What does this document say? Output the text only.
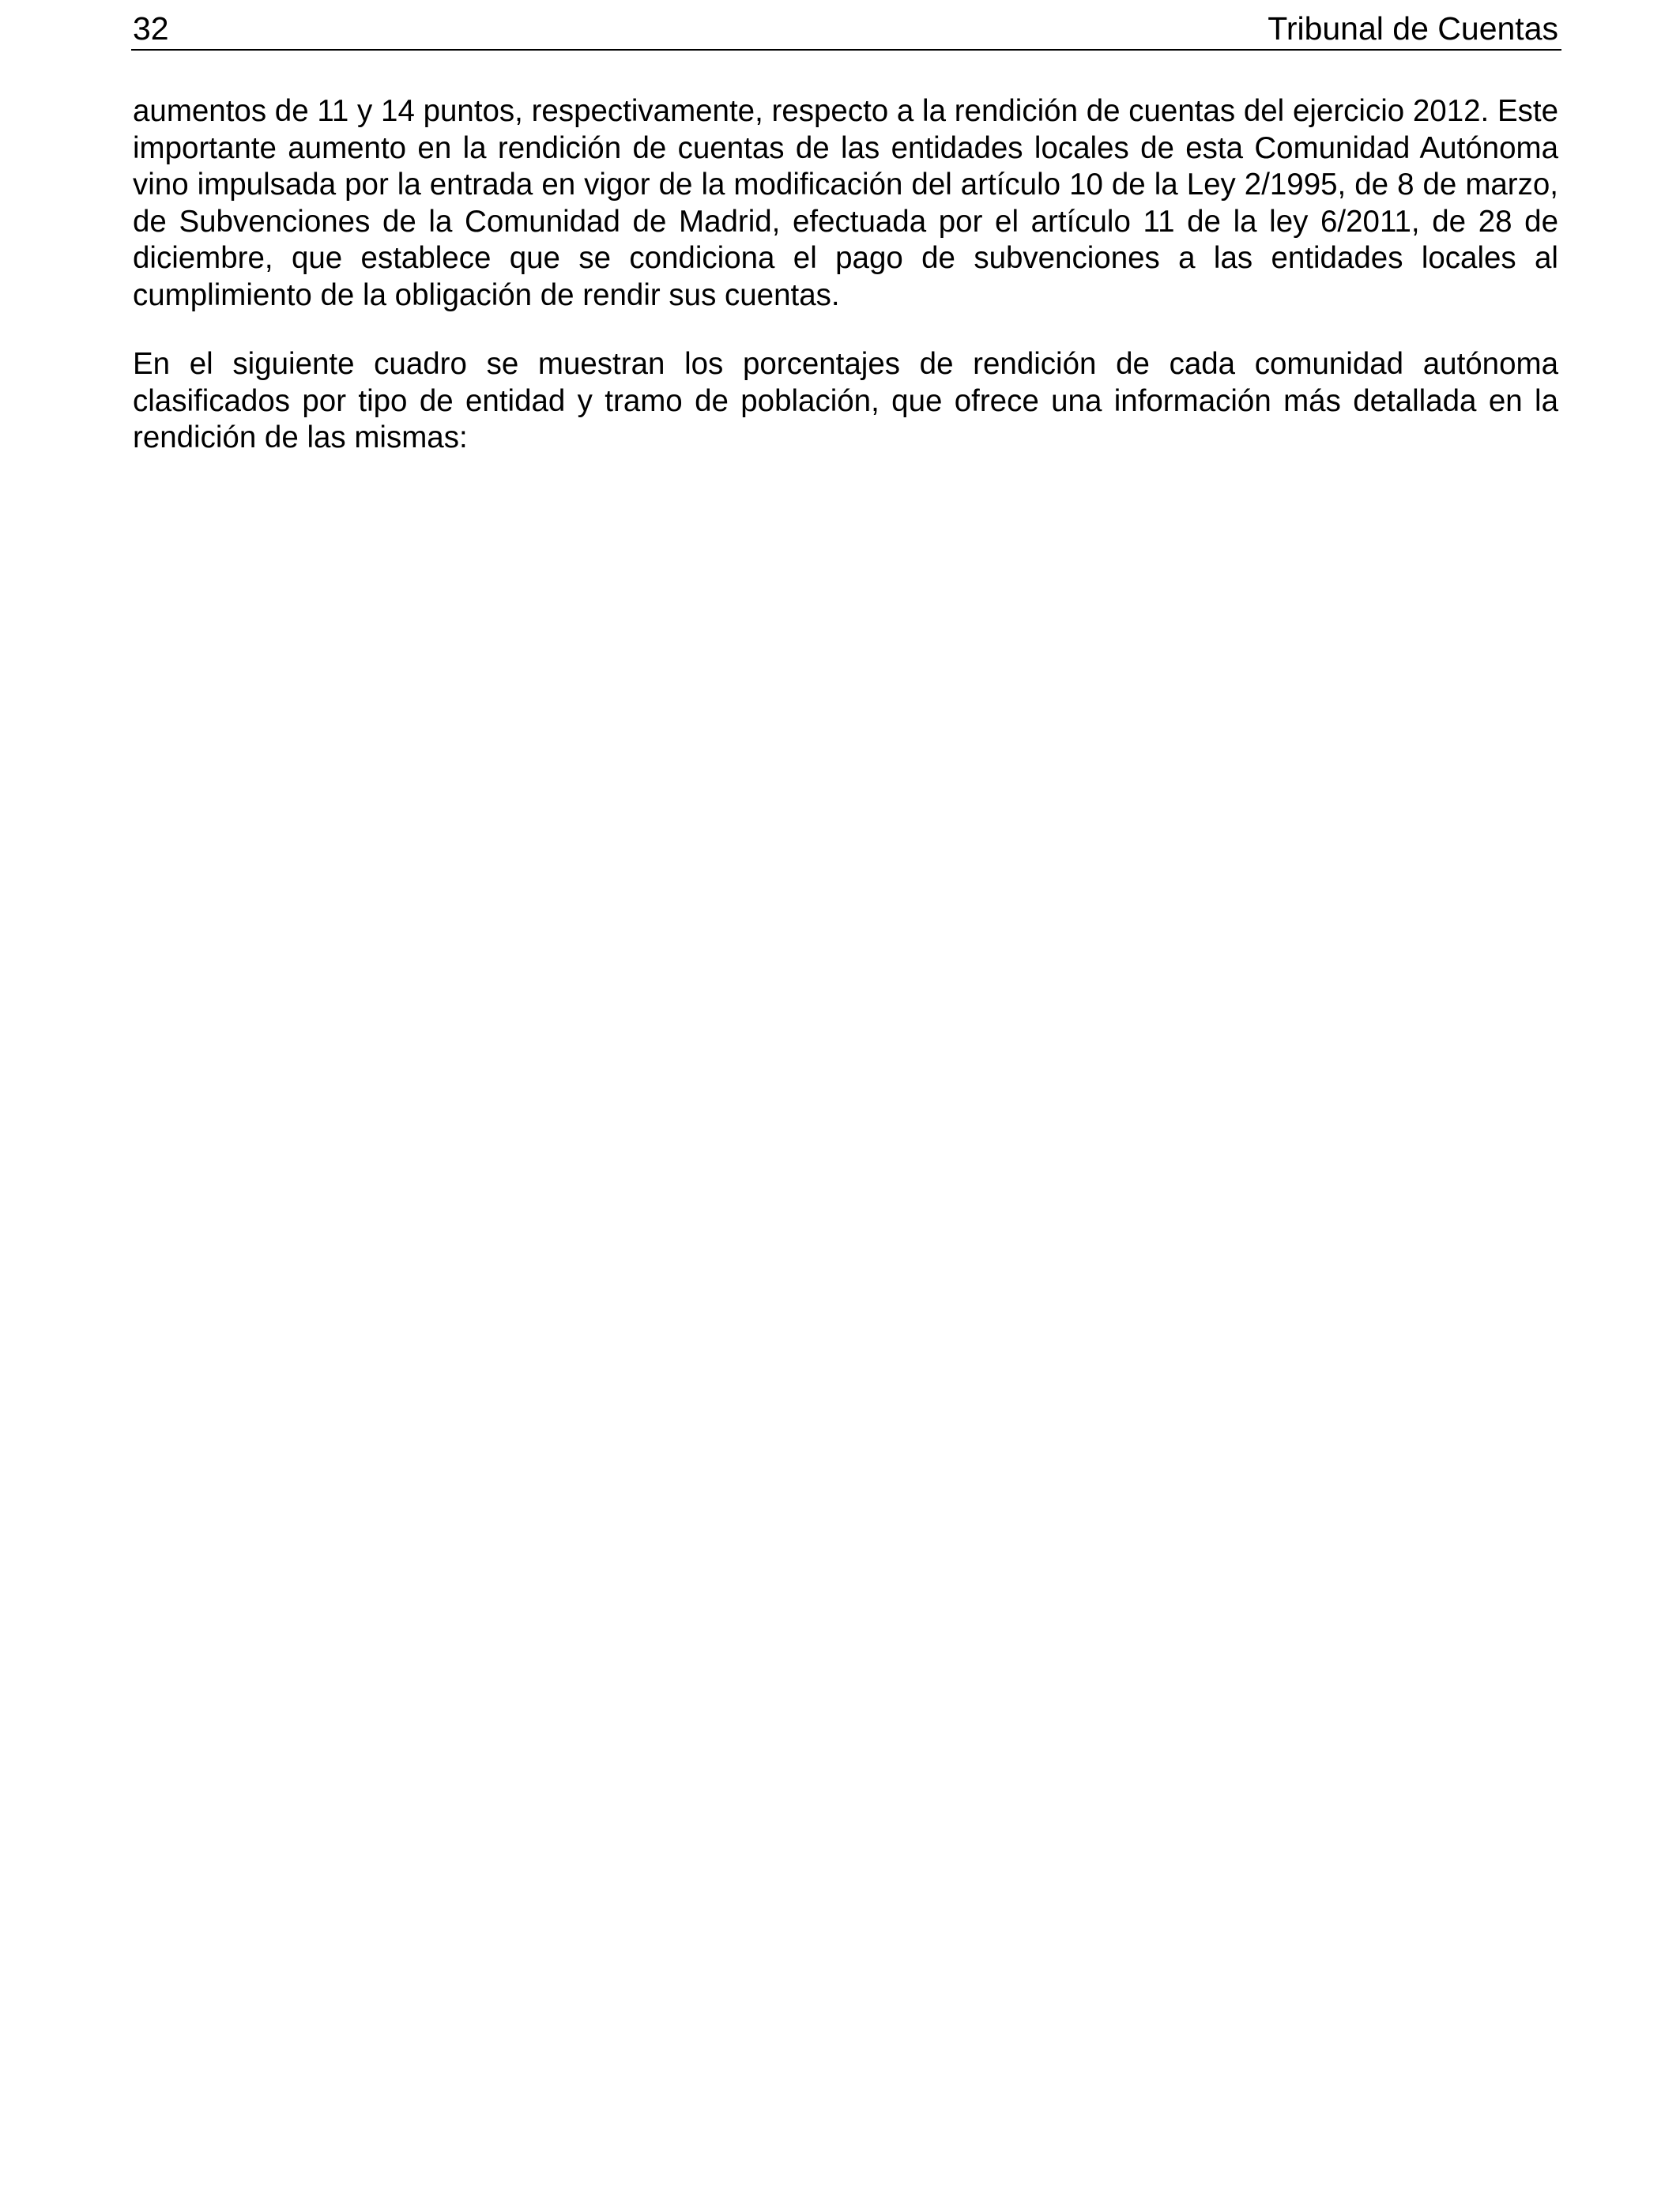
32	Tribunal de Cuentas

aumentos de 11 y 14 puntos, respectivamente, respecto a la rendición de cuentas del ejercicio 2012. Este importante aumento en la rendición de cuentas de las entidades locales de esta Comunidad Autónoma vino impulsada por la entrada en vigor de la modificación del artículo 10 de la Ley 2/1995, de 8 de marzo, de Subvenciones de la Comunidad de Madrid, efectuada por el artículo 11 de la ley 6/2011, de 28 de diciembre, que establece que se condiciona el pago de subvenciones a las entidades locales al cumplimiento de la obligación de rendir sus cuentas.

En el siguiente cuadro se muestran los porcentajes de rendición de cada comunidad autónoma clasificados por tipo de entidad y tramo de población, que ofrece una información más detallada en la rendición de las mismas:
